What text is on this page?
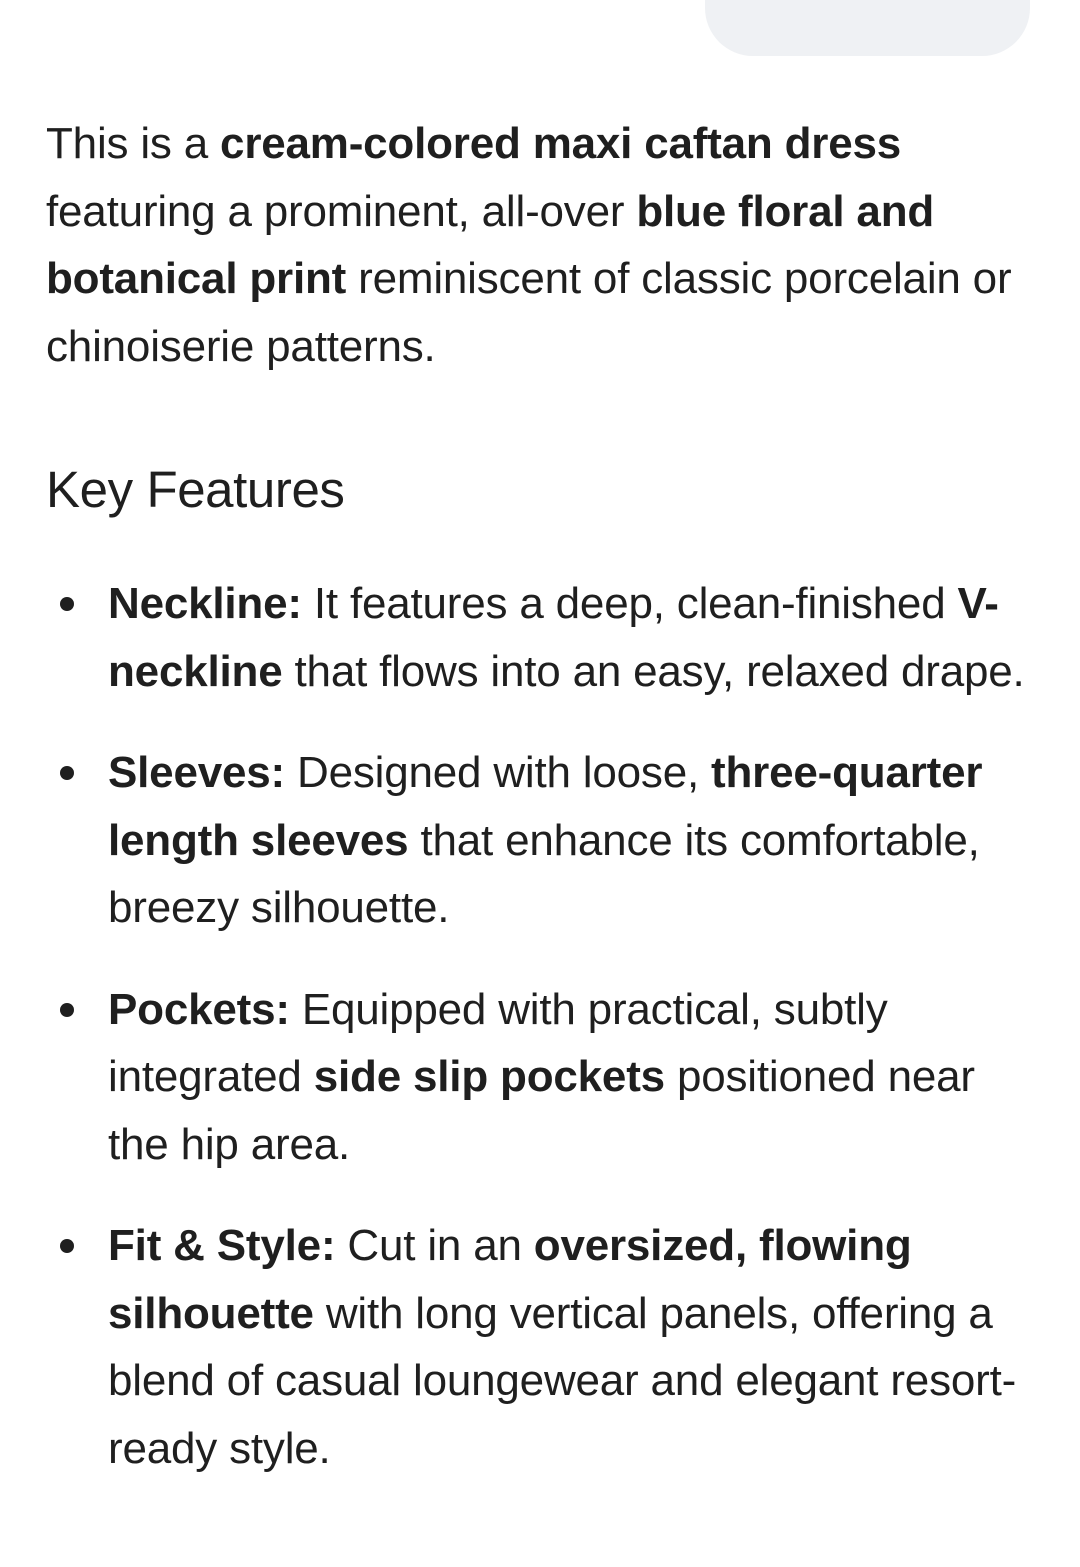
This is a cream-colored maxi caftan dress featuring a prominent, all-over blue floral and botanical print reminiscent of classic porcelain or chinoiserie patterns.

Key Features
Neckline: It features a deep, clean-finished V-neckline that flows into an easy, relaxed drape.
Sleeves: Designed with loose, three-quarter length sleeves that enhance its comfortable, breezy silhouette.
Pockets: Equipped with practical, subtly integrated side slip pockets positioned near the hip area.
Fit & Style: Cut in an oversized, flowing silhouette with long vertical panels, offering a blend of casual loungewear and elegant resort-ready style.
